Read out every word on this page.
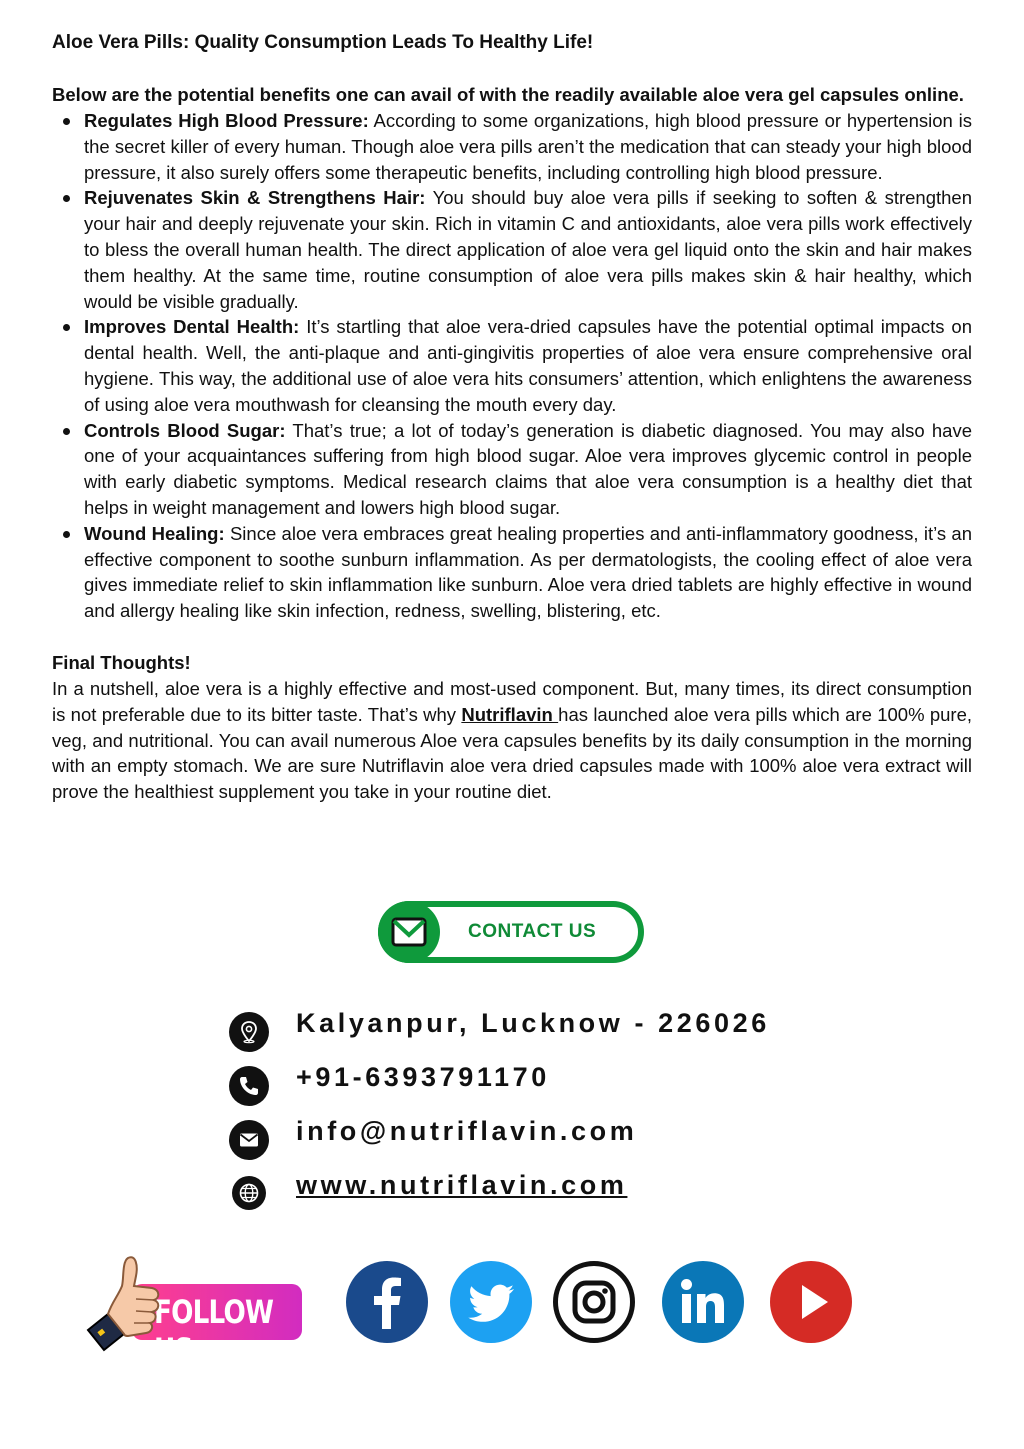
Aloe Vera Pills: Quality Consumption Leads To Healthy Life!

Below are the potential benefits one can avail of with the readily available aloe vera gel capsules online.

Regulates High Blood Pressure: According to some organizations, high blood pressure or hypertension is the secret killer of every human. Though aloe vera pills aren’t the medication that can steady your high blood pressure, it also surely offers some therapeutic benefits, including controlling high blood pressure.
Rejuvenates Skin & Strengthens Hair: You should buy aloe vera pills if seeking to soften & strengthen your hair and deeply rejuvenate your skin. Rich in vitamin C and antioxidants, aloe vera pills work effectively to bless the overall human health. The direct application of aloe vera gel liquid onto the skin and hair makes them healthy. At the same time, routine consumption of aloe vera pills makes skin & hair healthy, which would be visible gradually.
Improves Dental Health: It’s startling that aloe vera-dried capsules have the potential optimal impacts on dental health. Well, the anti-plaque and anti-gingivitis properties of aloe vera ensure comprehensive oral hygiene. This way, the additional use of aloe vera hits consumers’ attention, which enlightens the awareness of using aloe vera mouthwash for cleansing the mouth every day.
Controls Blood Sugar: That’s true; a lot of today’s generation is diabetic diagnosed. You may also have one of your acquaintances suffering from high blood sugar. Aloe vera improves glycemic control in people with early diabetic symptoms. Medical research claims that aloe vera consumption is a healthy diet that helps in weight management and lowers high blood sugar.
Wound Healing: Since aloe vera embraces great healing properties and anti-inflammatory goodness, it’s an effective component to soothe sunburn inflammation. As per dermatologists, the cooling effect of aloe vera gives immediate relief to skin inflammation like sunburn. Aloe vera dried tablets are highly effective in wound and allergy healing like skin infection, redness, swelling, blistering, etc.

Final Thoughts!

In a nutshell, aloe vera is a highly effective and most-used component. But, many times, its direct consumption is not preferable due to its bitter taste. That’s why Nutriflavin has launched aloe vera pills which are 100% pure, veg, and nutritional. You can avail numerous Aloe vera capsules benefits by its daily consumption in the morning with an empty stomach. We are sure Nutriflavin aloe vera dried capsules made with 100% aloe vera extract will prove the healthiest supplement you take in your routine diet.

CONTACT US
Kalyanpur, Lucknow - 226026
+91-6393791170
info@nutriflavin.com
www.nutriflavin.com
FOLLOW US
